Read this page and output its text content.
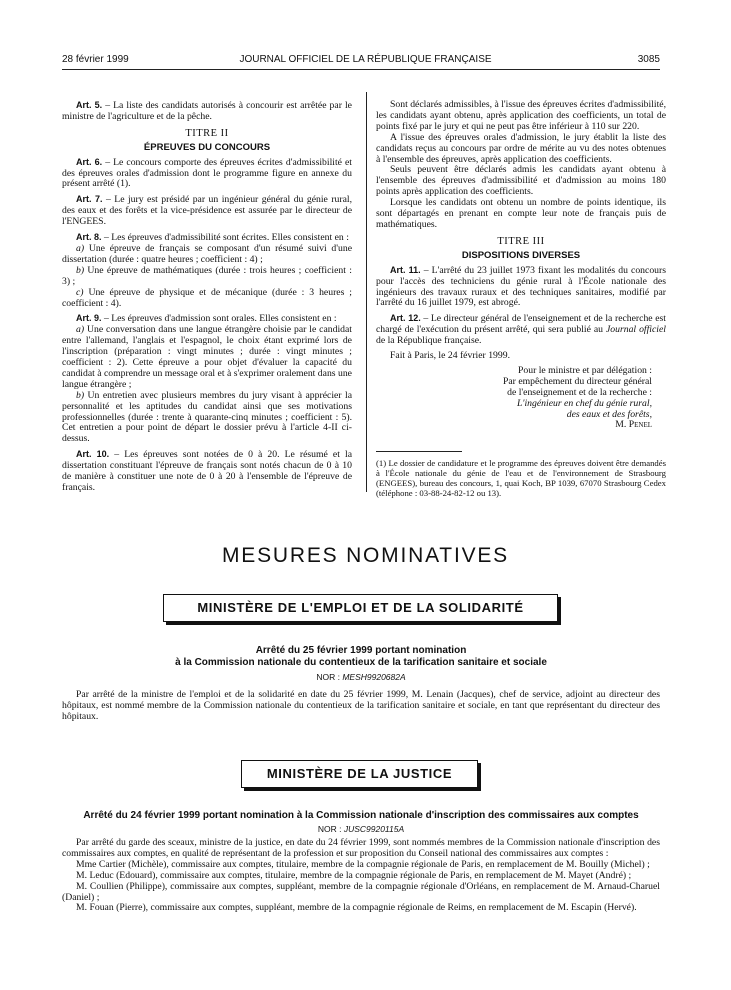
28 février 1999	JOURNAL OFFICIEL DE LA RÉPUBLIQUE FRANÇAISE	3085

Art. 5. – La liste des candidats autorisés à concourir est arrêtée par le ministre de l'agriculture et de la pêche.

TITRE II
ÉPREUVES DU CONCOURS

Art. 6. – Le concours comporte des épreuves écrites d'admissibilité et des épreuves orales d'admission dont le programme figure en annexe du présent arrêté (1).

Art. 7. – Le jury est présidé par un ingénieur général du génie rural, des eaux et des forêts et la vice-présidence est assurée par le directeur de l'ENGEES.

Art. 8. – Les épreuves d'admissibilité sont écrites. Elles consistent en :

a) Une épreuve de français se composant d'un résumé suivi d'une dissertation (durée : quatre heures ; coefficient : 4) ;

b) Une épreuve de mathématiques (durée : trois heures ; coefficient : 3) ;

c) Une épreuve de physique et de mécanique (durée : 3 heures ; coefficient : 4).

Art. 9. – Les épreuves d'admission sont orales. Elles consistent en :

a) Une conversation dans une langue étrangère choisie par le candidat entre l'allemand, l'anglais et l'espagnol, le choix étant exprimé lors de l'inscription (préparation : vingt minutes ; durée : vingt minutes ; coefficient : 2). Cette épreuve a pour objet d'évaluer la capacité du candidat à comprendre un message oral et à s'exprimer oralement dans une langue étrangère ;

b) Un entretien avec plusieurs membres du jury visant à apprécier la personnalité et les aptitudes du candidat ainsi que ses motivations professionnelles (durée : trente à quarante-cinq minutes ; coefficient : 5). Cet entretien a pour point de départ le dossier prévu à l'article 4-II ci-dessus.

Art. 10. – Les épreuves sont notées de 0 à 20. Le résumé et la dissertation constituant l'épreuve de français sont notés chacun de 0 à 10 de manière à constituer une note de 0 à 20 à l'ensemble de l'épreuve de français.

Sont déclarés admissibles, à l'issue des épreuves écrites d'admissibilité, les candidats ayant obtenu, après application des coefficients, un total de points fixé par le jury et qui ne peut pas être inférieur à 110 sur 220.

A l'issue des épreuves orales d'admission, le jury établit la liste des candidats reçus au concours par ordre de mérite au vu des notes obtenues à l'ensemble des épreuves, après application des coefficients.

Seuls peuvent être déclarés admis les candidats ayant obtenu à l'ensemble des épreuves d'admissibilité et d'admission au moins 180 points après application des coefficients.

Lorsque les candidats ont obtenu un nombre de points identique, ils sont départagés en prenant en compte leur note de français puis de mathématiques.

TITRE III
DISPOSITIONS DIVERSES

Art. 11. – L'arrêté du 23 juillet 1973 fixant les modalités du concours pour l'accès des techniciens du génie rural à l'École nationale des ingénieurs des travaux ruraux et des techniques sanitaires, modifié par l'arrêté du 16 juillet 1979, est abrogé.

Art. 12. – Le directeur général de l'enseignement et de la recherche est chargé de l'exécution du présent arrêté, qui sera publié au Journal officiel de la République française.

Fait à Paris, le 24 février 1999.

Pour le ministre et par délégation :

Par empêchement du directeur général

de l'enseignement et de la recherche :

L'ingénieur en chef du génie rural,

des eaux et des forêts,

M. Penel

(1) Le dossier de candidature et le programme des épreuves doivent être demandés à l'École nationale du génie de l'eau et de l'environnement de Strasbourg (ENGEES), bureau des concours, 1, quai Koch, BP 1039, 67070 Strasbourg Cedex (téléphone : 03-88-24-82-12 ou 13).
MESURES NOMINATIVES
MINISTÈRE DE L'EMPLOI ET DE LA SOLIDARITÉ
Arrêté du 25 février 1999 portant nomination
à la Commission nationale du contentieux de la tarification sanitaire et sociale
NOR : MESH9920682A

Par arrêté de la ministre de l'emploi et de la solidarité en date du 25 février 1999, M. Lenain (Jacques), chef de service, adjoint au directeur des hôpitaux, est nommé membre de la Commission nationale du contentieux de la tarification sanitaire et sociale, en tant que représentant du directeur des hôpitaux.

MINISTÈRE DE LA JUSTICE
Arrêté du 24 février 1999 portant nomination à la Commission nationale d'inscription des commissaires aux comptes
NOR : JUSC9920115A

Par arrêté du garde des sceaux, ministre de la justice, en date du 24 février 1999, sont nommés membres de la Commission nationale d'inscription des commissaires aux comptes, en qualité de représentant de la profession et sur proposition du Conseil national des commissaires aux comptes :

Mme Cartier (Michèle), commissaire aux comptes, titulaire, membre de la compagnie régionale de Paris, en remplacement de M. Bouilly (Michel) ;

M. Leduc (Edouard), commissaire aux comptes, titulaire, membre de la compagnie régionale de Paris, en remplacement de M. Mayet (André) ;

M. Coullien (Philippe), commissaire aux comptes, suppléant, membre de la compagnie régionale d'Orléans, en remplacement de M. Arnaud-Charuel (Daniel) ;

M. Fouan (Pierre), commissaire aux comptes, suppléant, membre de la compagnie régionale de Reims, en remplacement de M. Escapin (Hervé).
